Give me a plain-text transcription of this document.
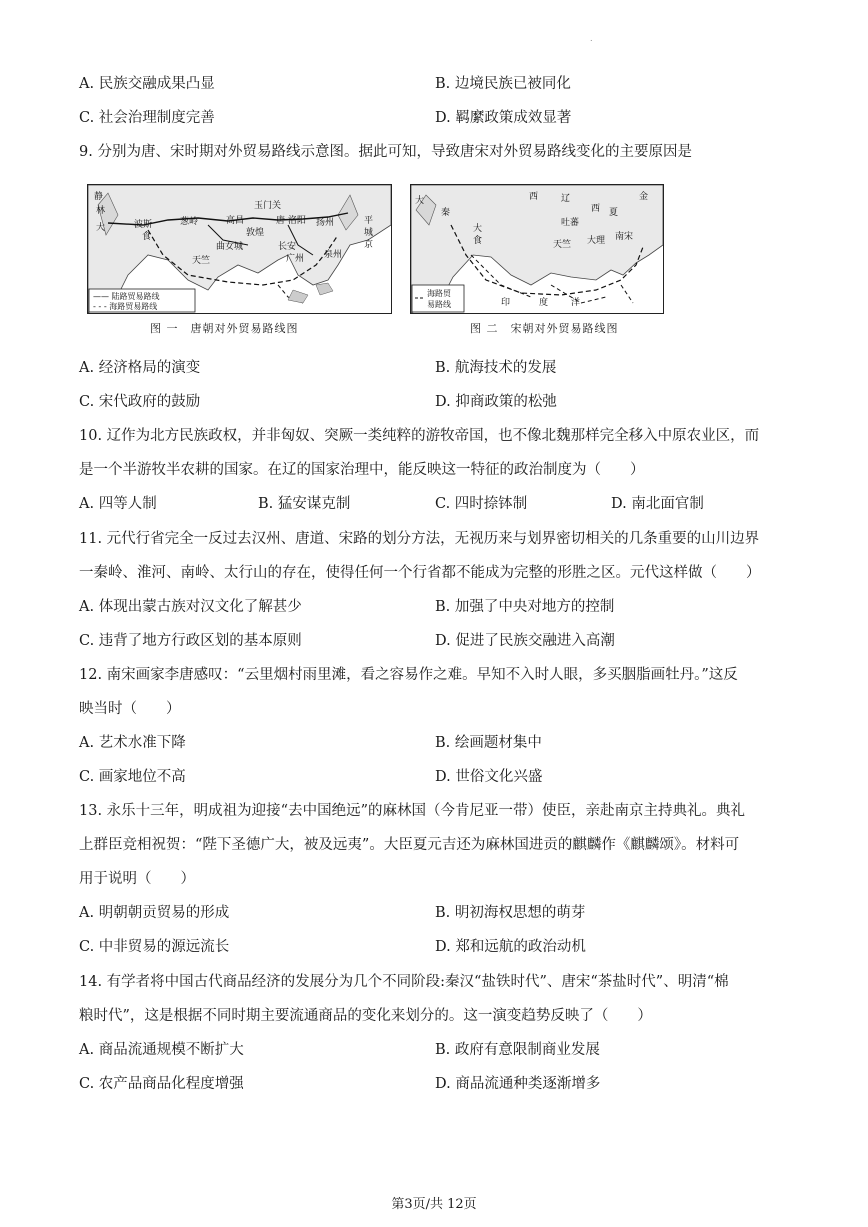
.
A. 民族交融成果凸显	B. 边境民族已被同化
C. 社会治理制度完善	D. 羁縻政策成效显著
9. 分别为唐、宋时期对外贸易路线示意图。据此可知，导致唐宋对外贸易路线变化的主要原因是
静
林
大	波斯
食
葱岭	高昌
玉门关
敦煌
唐 洛阳 扬州	平
城
京
长安
广州 泉州
曲女城
天竺
—— 陆路贸易路线
- - - 海路贸易路线
图 一　唐朝对外贸易路线图
大
秦
西	辽	金
西 夏
吐蕃
大
食	天竺 大理 南宋
印	度	洋
海路贸
易路线
图 二　宋朝对外贸易路线图
A. 经济格局的演变	B. 航海技术的发展
C. 宋代政府的鼓励	D. 抑商政策的松弛
10. 辽作为北方民族政权，并非匈奴、突厥一类纯粹的游牧帝国，也不像北魏那样完全移入中原农业区，而
是一个半游牧半农耕的国家。在辽的国家治理中，能反映这一特征的政治制度为（　　）
A. 四等人制	B. 猛安谋克制	C. 四时捺钵制	D. 南北面官制
11. 元代行省完全一反过去汉州、唐道、宋路的划分方法，无视历来与划界密切相关的几条重要的山川边界
一秦岭、淮河、南岭、太行山的存在，使得任何一个行省都不能成为完整的形胜之区。元代这样做（　　）
A. 体现出蒙古族对汉文化了解甚少	B. 加强了中央对地方的控制
C. 违背了地方行政区划的基本原则	D. 促进了民族交融进入高潮
12. 南宋画家李唐感叹：“云里烟村雨里滩，看之容易作之难。早知不入时人眼，多买胭脂画牡丹。”这反
映当时（　　）
A. 艺术水准下降	B. 绘画题材集中
C. 画家地位不高	D. 世俗文化兴盛
13. 永乐十三年，明成祖为迎接“去中国绝远”的麻林国（今肯尼亚一带）使臣，亲赴南京主持典礼。典礼
上群臣竞相祝贺：“陛下圣德广大，被及远夷”。大臣夏元吉还为麻林国进贡的麒麟作《麒麟颂》。材料可
用于说明（　　）
A. 明朝朝贡贸易的形成	B. 明初海权思想的萌芽
C. 中非贸易的源远流长	D. 郑和远航的政治动机
14. 有学者将中国古代商品经济的发展分为几个不同阶段:秦汉“盐铁时代”、唐宋“茶盐时代”、明清“棉
粮时代”，这是根据不同时期主要流通商品的变化来划分的。这一演变趋势反映了（　　）
A. 商品流通规模不断扩大	B. 政府有意限制商业发展
C. 农产品商品化程度增强	D. 商品流通种类逐渐增多
第3页/共 12页
